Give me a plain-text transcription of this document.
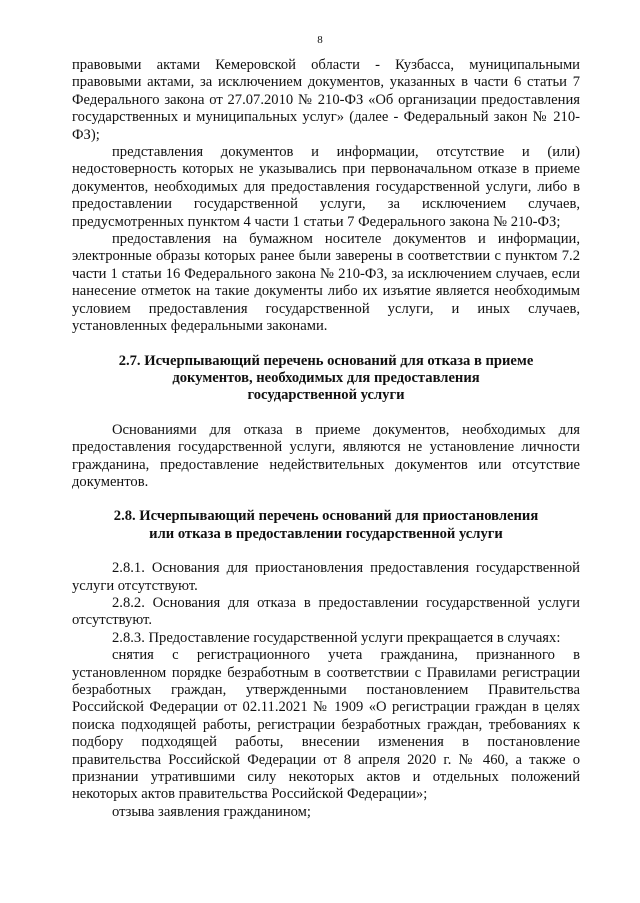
8

правовыми актами Кемеровской области - Кузбасса, муниципальными правовыми актами, за исключением документов, указанных в части 6 статьи 7 Федерального закона от 27.07.2010 № 210-ФЗ «Об организации предоставления государственных и муниципальных услуг» (далее - Федеральный закон № 210-ФЗ);

представления документов и информации, отсутствие и (или) недостоверность которых не указывались при первоначальном отказе в приеме документов, необходимых для предоставления государственной услуги, либо в предоставлении государственной услуги, за исключением случаев, предусмотренных пунктом 4 части 1 статьи 7 Федерального закона № 210-ФЗ;

предоставления на бумажном носителе документов и информации, электронные образы которых ранее были заверены в соответствии с пунктом 7.2 части 1 статьи 16 Федерального закона № 210-ФЗ, за исключением случаев, если нанесение отметок на такие документы либо их изъятие является необходимым условием предоставления государственной услуги, и иных случаев, установленных федеральными законами.

2.7. Исчерпывающий перечень оснований для отказа в приеме
документов, необходимых для предоставления
государственной услуги

Основаниями для отказа в приеме документов, необходимых для предоставления государственной услуги, являются не установление личности гражданина, предоставление недействительных документов или отсутствие документов.

2.8. Исчерпывающий перечень оснований для приостановления
или отказа в предоставлении государственной услуги

2.8.1. Основания для приостановления предоставления государственной услуги отсутствуют.

2.8.2. Основания для отказа в предоставлении государственной услуги отсутствуют.

2.8.3. Предоставление государственной услуги прекращается в случаях:

снятия с регистрационного учета гражданина, признанного в установленном порядке безработным в соответствии с Правилами регистрации безработных граждан, утвержденными постановлением Правительства Российской Федерации от 02.11.2021 № 1909 «О регистрации граждан в целях поиска подходящей работы, регистрации безработных граждан, требованиях к подбору подходящей работы, внесении изменения в постановление правительства Российской Федерации от 8 апреля 2020 г. № 460, а также о признании утратившими силу некоторых актов и отдельных положений некоторых актов правительства Российской Федерации»;

отзыва заявления гражданином;
